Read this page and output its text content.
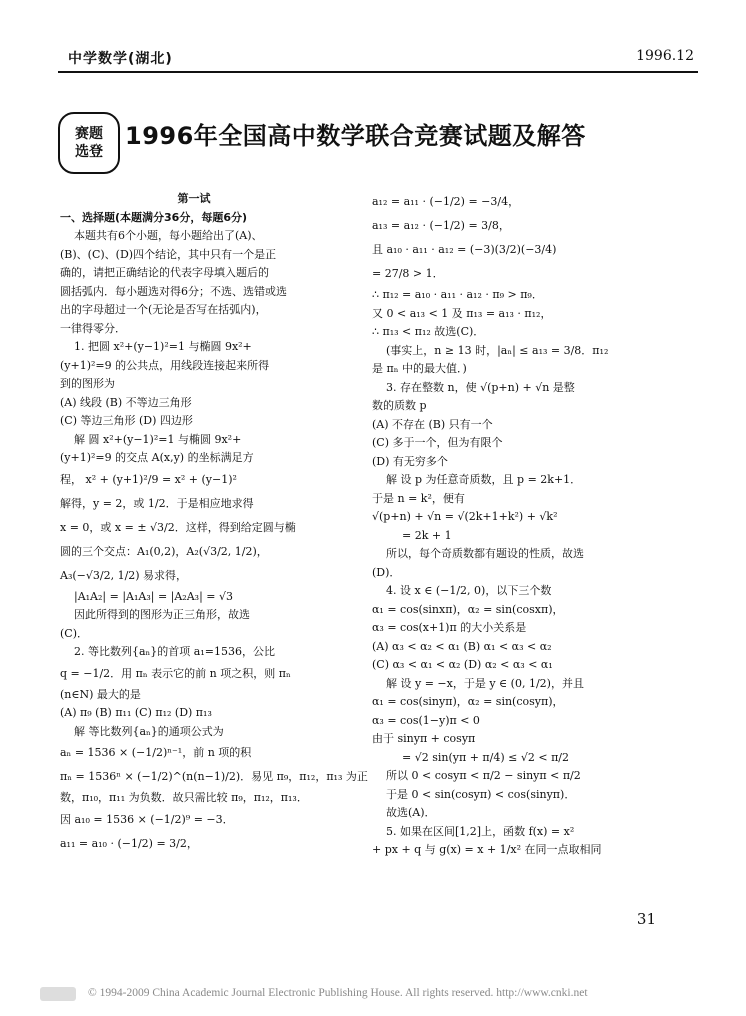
中学数学(湖北)	1996.12
赛题
选登
1996年全国高中数学联合竞赛试题及解答

第一试

一、选择题(本题满分36分，每题6分)

本题共有6个小题，每小题给出了(A)、

(B)、(C)、(D)四个结论，其中只有一个是正

确的，请把正确结论的代表字母填入题后的

圆括弧内．每小题选对得6分；不选、选错或选

出的字母超过一个(无论是否写在括弧内)，

一律得零分．

1. 把圆 x²+(y−1)²=1 与椭圆 9x²+

(y+1)²=9 的公共点，用线段连接起来所得

到的图形为

(A) 线段 (B) 不等边三角形

(C) 等边三角形 (D) 四边形

解 圆 x²+(y−1)²=1 与椭圆 9x²+

(y+1)²=9 的交点 A(x,y) 的坐标满足方

程， x² + (y+1)²/9 = x² + (y−1)²

解得，y = 2，或 1/2．于是相应地求得

x = 0，或 x = ± √3/2．这样，得到给定圆与椭

圆的三个交点：A₁(0,2)，A₂(√3/2, 1/2)，

A₃(−√3/2, 1/2) 易求得，

|A₁A₂| = |A₁A₃| = |A₂A₃| = √3

因此所得到的图形为正三角形，故选

(C)．

2. 等比数列{aₙ}的首项 a₁=1536，公比

q = −1/2．用 πₙ 表示它的前 n 项之积，则 πₙ

(n∈N) 最大的是

(A) π₉ (B) π₁₁ (C) π₁₂ (D) π₁₃

解 等比数列{aₙ}的通项公式为

aₙ = 1536 × (−1/2)ⁿ⁻¹，前 n 项的积

πₙ = 1536ⁿ × (−1/2)^(n(n−1)/2)．易见 π₉，π₁₂，π₁₃ 为正

数，π₁₀，π₁₁ 为负数．故只需比较 π₉，π₁₂，π₁₃．

因 a₁₀ = 1536 × (−1/2)⁹ = −3．

a₁₁ = a₁₀ · (−1/2) = 3/2，

a₁₂ = a₁₁ · (−1/2) = −3/4，

a₁₃ = a₁₂ · (−1/2) = 3/8，

且 a₁₀ · a₁₁ · a₁₂ = (−3)(3/2)(−3/4)

= 27/8 > 1．

∴ π₁₂ = a₁₀ · a₁₁ · a₁₂ · π₉ > π₉．

又 0 < a₁₃ < 1 及 π₁₃ = a₁₃ · π₁₂，

∴ π₁₃ < π₁₂ 故选(C)．

(事实上，n ≥ 13 时，|aₙ| ≤ a₁₃ = 3/8．π₁₂

是 πₙ 中的最大值．)

3. 存在整数 n，使 √(p+n) + √n 是整

数的质数 p

(A) 不存在 (B) 只有一个

(C) 多于一个，但为有限个

(D) 有无穷多个

解 设 p 为任意奇质数，且 p = 2k+1．

于是 n = k²，便有

√(p+n) + √n = √(2k+1+k²) + √k²

= 2k + 1

所以，每个奇质数都有题设的性质，故选

(D)．

4. 设 x ∈ (−1/2, 0)，以下三个数

α₁ = cos(sinxπ)，α₂ = sin(cosxπ)，

α₃ = cos(x+1)π 的大小关系是

(A) α₃ < α₂ < α₁ (B) α₁ < α₃ < α₂

(C) α₃ < α₁ < α₂ (D) α₂ < α₃ < α₁

解 设 y = −x，于是 y ∈ (0, 1/2)，并且

α₁ = cos(sinyπ)，α₂ = sin(cosyπ)，

α₃ = cos(1−y)π < 0

由于 sinyπ + cosyπ

= √2 sin(yπ + π/4) ≤ √2 < π/2

所以 0 < cosyπ < π/2 − sinyπ < π/2

于是 0 < sin(cosyπ) < cos(sinyπ)．

故选(A)．

5. 如果在区间[1,2]上，函数 f(x) = x²

+ px + q 与 g(x) = x + 1/x² 在同一点取相同

31
© 1994-2009 China Academic Journal Electronic Publishing House. All rights reserved. http://www.cnki.net
